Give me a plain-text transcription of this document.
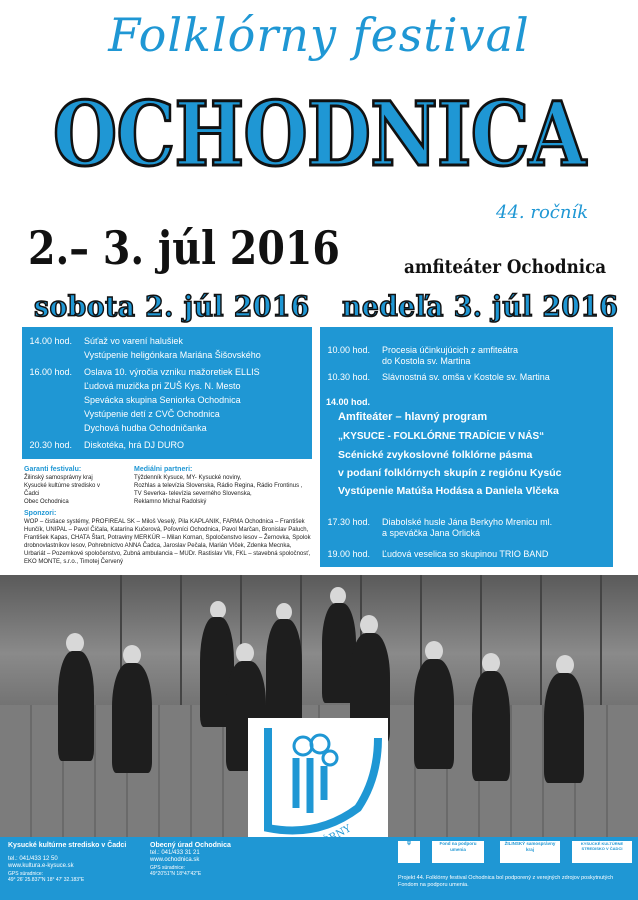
Folklórny festival
OCHODNICA
44. ročník
2.– 3. júl 2016	amfiteáter Ochodnica
sobota 2. júl 2016 nedeľa 3. júl 2016
14.00 hod. Súťaž vo varení halušiek
Vystúpenie heligónkara Mariána Šišovského
16.00 hod. Oslava 10. výročia vzniku mažoretiek ELLIS
Ľudová muzička pri ZUŠ Kys. N. Mesto
Spevácka skupina Seniorka Ochodnica
Vystúpenie detí z CVČ Ochodnica
Dychová hudba Ochodničanka
20.30 hod. Diskotéka, hrá DJ DURO
10.00 hod. Procesia účinkujúcich z amfiteátra
do Kostola sv. Martina
10.30 hod. Slávnostná sv. omša v Kostole sv. Martina
14.00 hod.
Amfiteáter – hlavný program
„KYSUCE - FOLKLÓRNE TRADÍCIE V NÁS“
Scénické zvykoslovné folklórne pásma
v podaní folklórnych skupín z regiónu Kysúc
Vystúpenie Matúša Hodása a Daniela Vlčeka
17.30 hod. Diabolské husle Jána Berkyho Mrenicu ml.
a speváčka Jana Orlická
19.00 hod. Ľudová veselica so skupinou TRIO BAND
Garanti festivalu:
Žilinský samosprávny kraj
Kysucké kultúrne stredisko v Čadci
Obec Ochodnica
Mediálni partneri:
Týždenník Kysuce, MY- Kysucké noviny,
Rozhlas a televízia Slovenska, Rádio Regina, Rádio Frontinus ,
TV Severka- televízia severného Slovenska,
Reklamno Michal Radolský
Sponzori:
WOP – čistiace systémy, PROFIREAL SK – Miloš Veselý, Pila KAPLANIK, FARMA Ochodnica – František Hunčík, UNIPAL – Pavol Čičala, Katarína Kučerová, Poľovníci Ochodnica, Pavol Marčan, Bronislav Paluch, František Kapas, CHATA Štart, Potraviny MERKÚR – Milan Kornan, Spoločenstvo lesov – Žernovka, Spolok drobnovlastníkov lesov, Pohrebníctvo ANNA Čadca, Jaroslav Pečala, Marián Vlček, Zdenka Mecnka, Urbariát – Pozemkové spoločenstvo, Zubná ambulancia – MUDr. Rastislav Vlk, FKL – stavebná spoločnosť, EKO MONTE, s.r.o., Timotej Červený
Kysucké kultúrne stredisko v Čadci
tel.: 041/433 12 50
www.kultura.e-kysuce.sk
GPS súradnice:
49° 26' 25.837"N 18° 47' 32.183"E
Obecný úrad Ochodnica
tel.: 041/433 31 21
www.ochodnica.sk
GPS súradnice:
49°20'51"N 18°47'42"E
⛨	Fond na podporu umenia
ŽILINSKÝ samosprávny kraj
KYSUCKÉ KULTÚRNE STREDISKO V ČADCI
Projekt 44. Folklórny festival Ochodnica bol podporený z verejných zdrojov poskytnutých Fondom na podporu umenia.
